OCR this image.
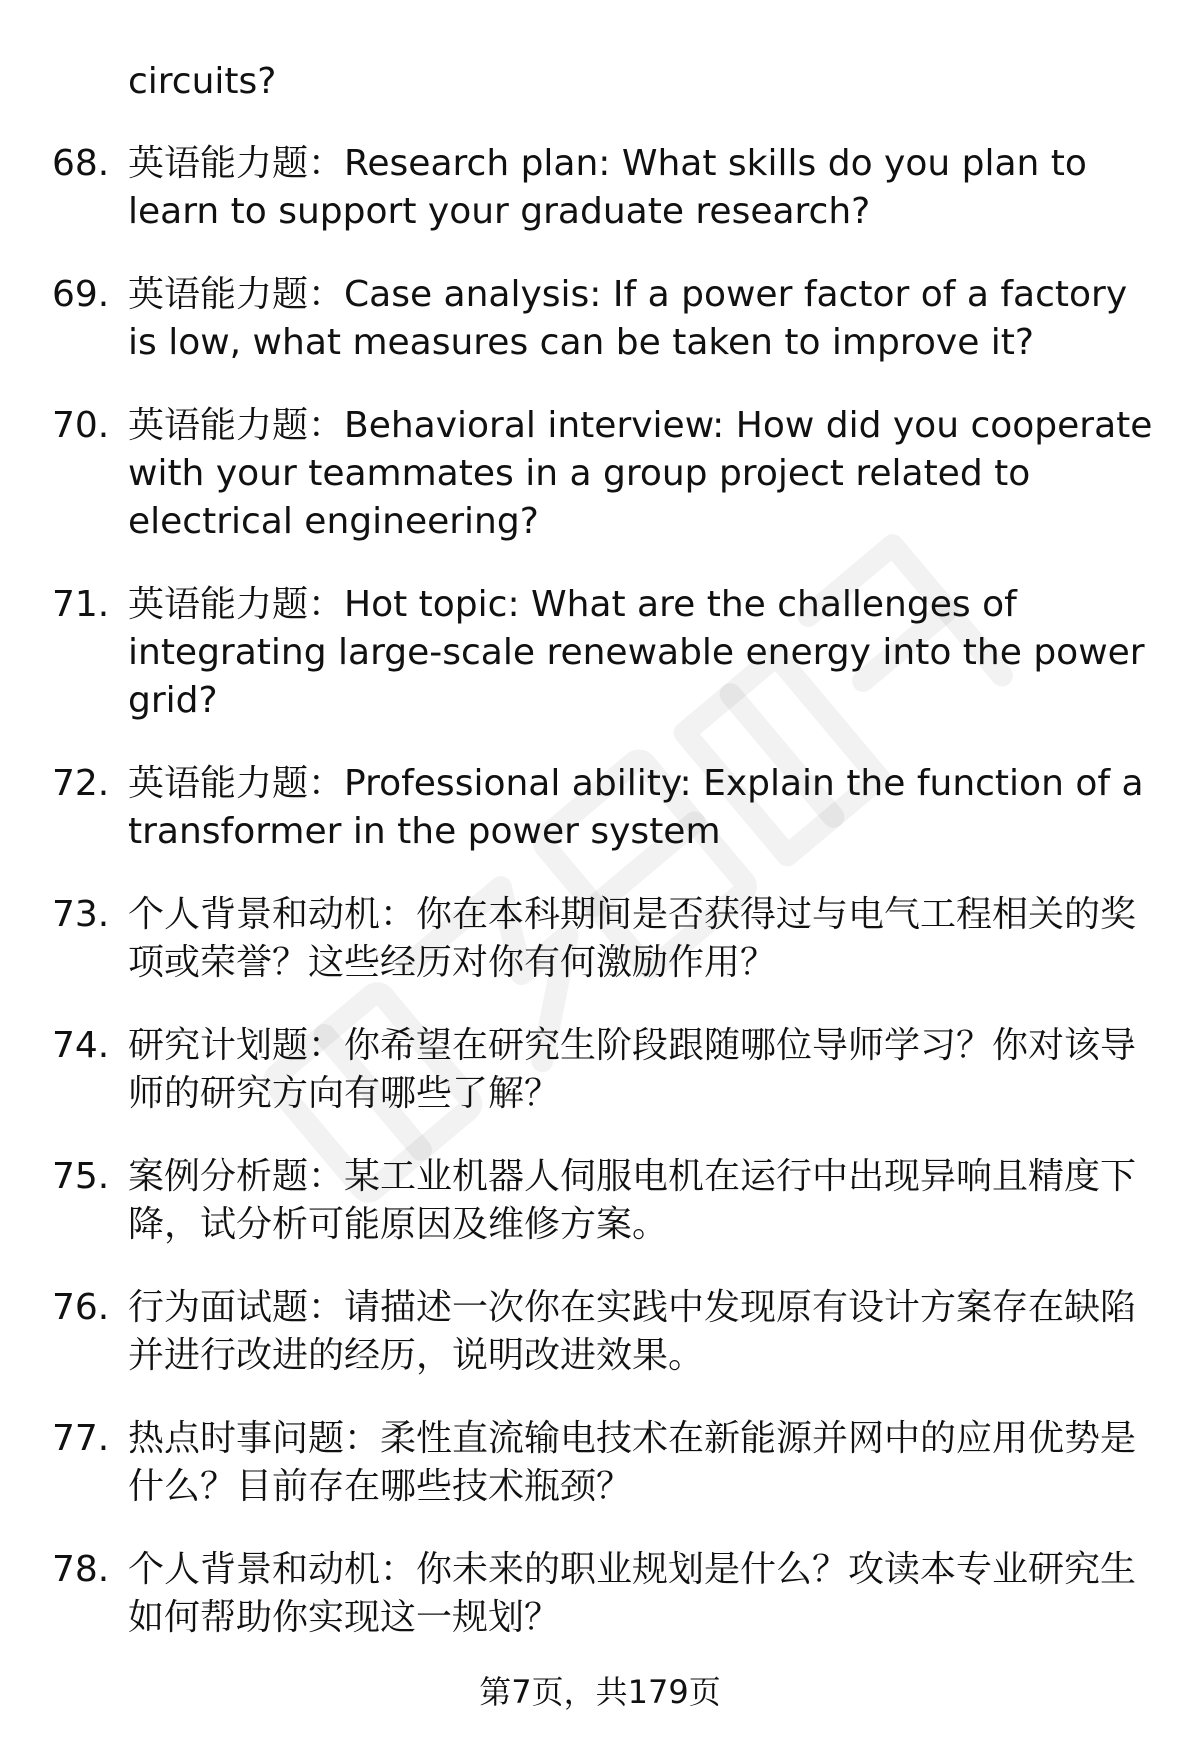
circuits?

68. 英语能力题：Research plan: What skills do you plan to learn to support your graduate research?
69. 英语能力题：Case analysis: If a power factor of a factory is low, what measures can be taken to improve it?
70. 英语能力题：Behavioral interview: How did you cooperate with your teammates in a group project related to electrical engineering?
71. 英语能力题：Hot topic: What are the challenges of integrating large-scale renewable energy into the power grid?
72. 英语能力题：Professional ability: Explain the function of a transformer in the power system
73. 个人背景和动机：你在本科期间是否获得过与电气工程相关的奖项或荣誉？这些经历对你有何激励作用？
74. 研究计划题：你希望在研究生阶段跟随哪位导师学习？你对该导师的研究方向有哪些了解？
75. 案例分析题：某工业机器人伺服电机在运行中出现异响且精度下降，试分析可能原因及维修方案。
76. 行为面试题：请描述一次你在实践中发现原有设计方案存在缺陷并进行改进的经历，说明改进效果。
77. 热点时事问题：柔性直流输电技术在新能源并网中的应用优势是什么？目前存在哪些技术瓶颈？
78. 个人背景和动机：你未来的职业规划是什么？攻读本专业研究生如何帮助你实现这一规划？
第7页，共179页
